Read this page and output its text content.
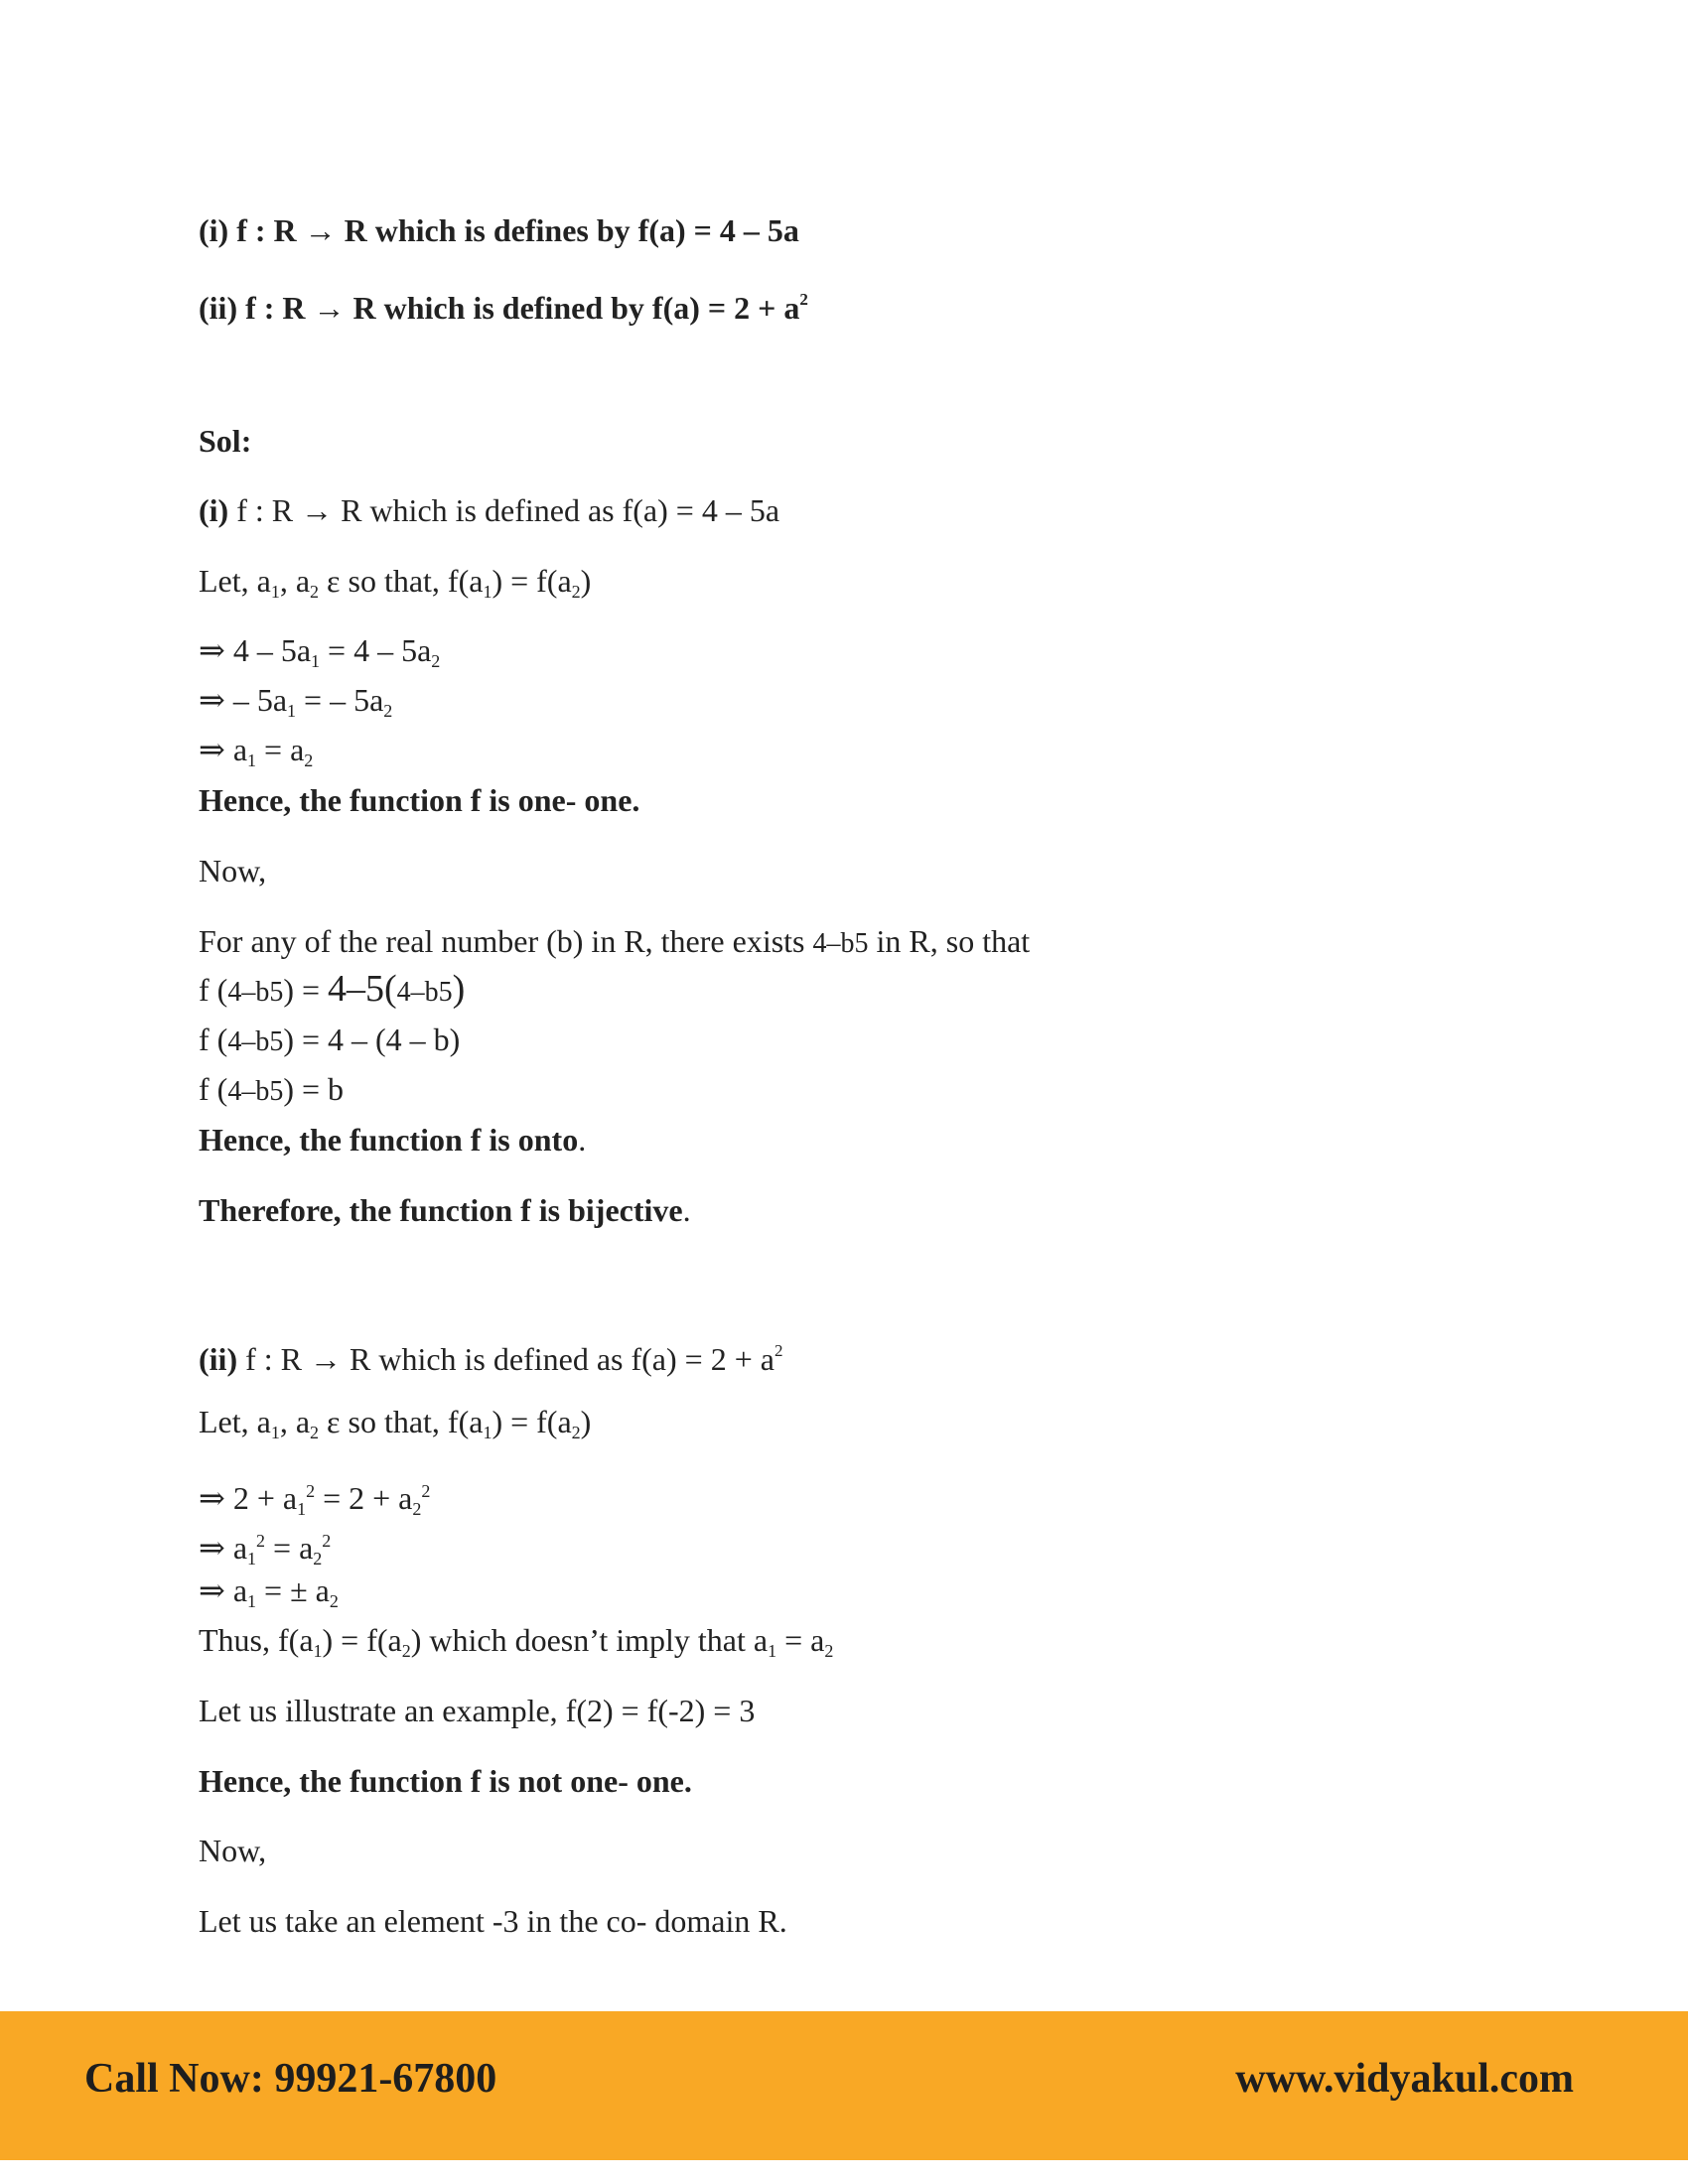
(i) f : R → R which is defines by f(a) = 4 – 5a
(ii) f : R → R which is defined by $f(a) = 2 + a^2$
Sol:
(i) f : R → R which is defined as f(a) = 4 – 5a
Let, $a_1$, $a_2$ ε so that, $f(a_1) = f(a_2)$
⇒ $4 - 5a_1 = 4 - 5a_2$
⇒ – $5a_1$ = – $5a_2$
⇒ $a_1 = a_2$
Hence, the function f is one- one.
Now,
For any of the real number (b) in R, there exists 4–b5 in R, so that
f (4–b5) = 4–5(4–b5)
f (4–b5) = 4 – (4 – b)
f (4–b5) = b
Hence, the function f is onto.
Therefore, the function f is bijective.
(ii) f : R → R which is defined as $f(a) = 2 + a^2$
Let, $a_1$, $a_2$ ε so that, $f(a_1) = f(a_2)$
⇒ $2 + a_1^2 = 2 + a_2^2$
⇒ $a_1^2 = a_2^2$
⇒ $a_1$ = ± $a_2$
Thus, $f(a_1) = f(a_2)$ which doesn’t imply that $a_1 = a_2$
Let us illustrate an example, f(2) = f(-2) = 3
Hence, the function f is not one- one.
Now,
Let us take an element -3 in the co- domain R.
Call Now: 99921-67800	www.vidyakul.com
